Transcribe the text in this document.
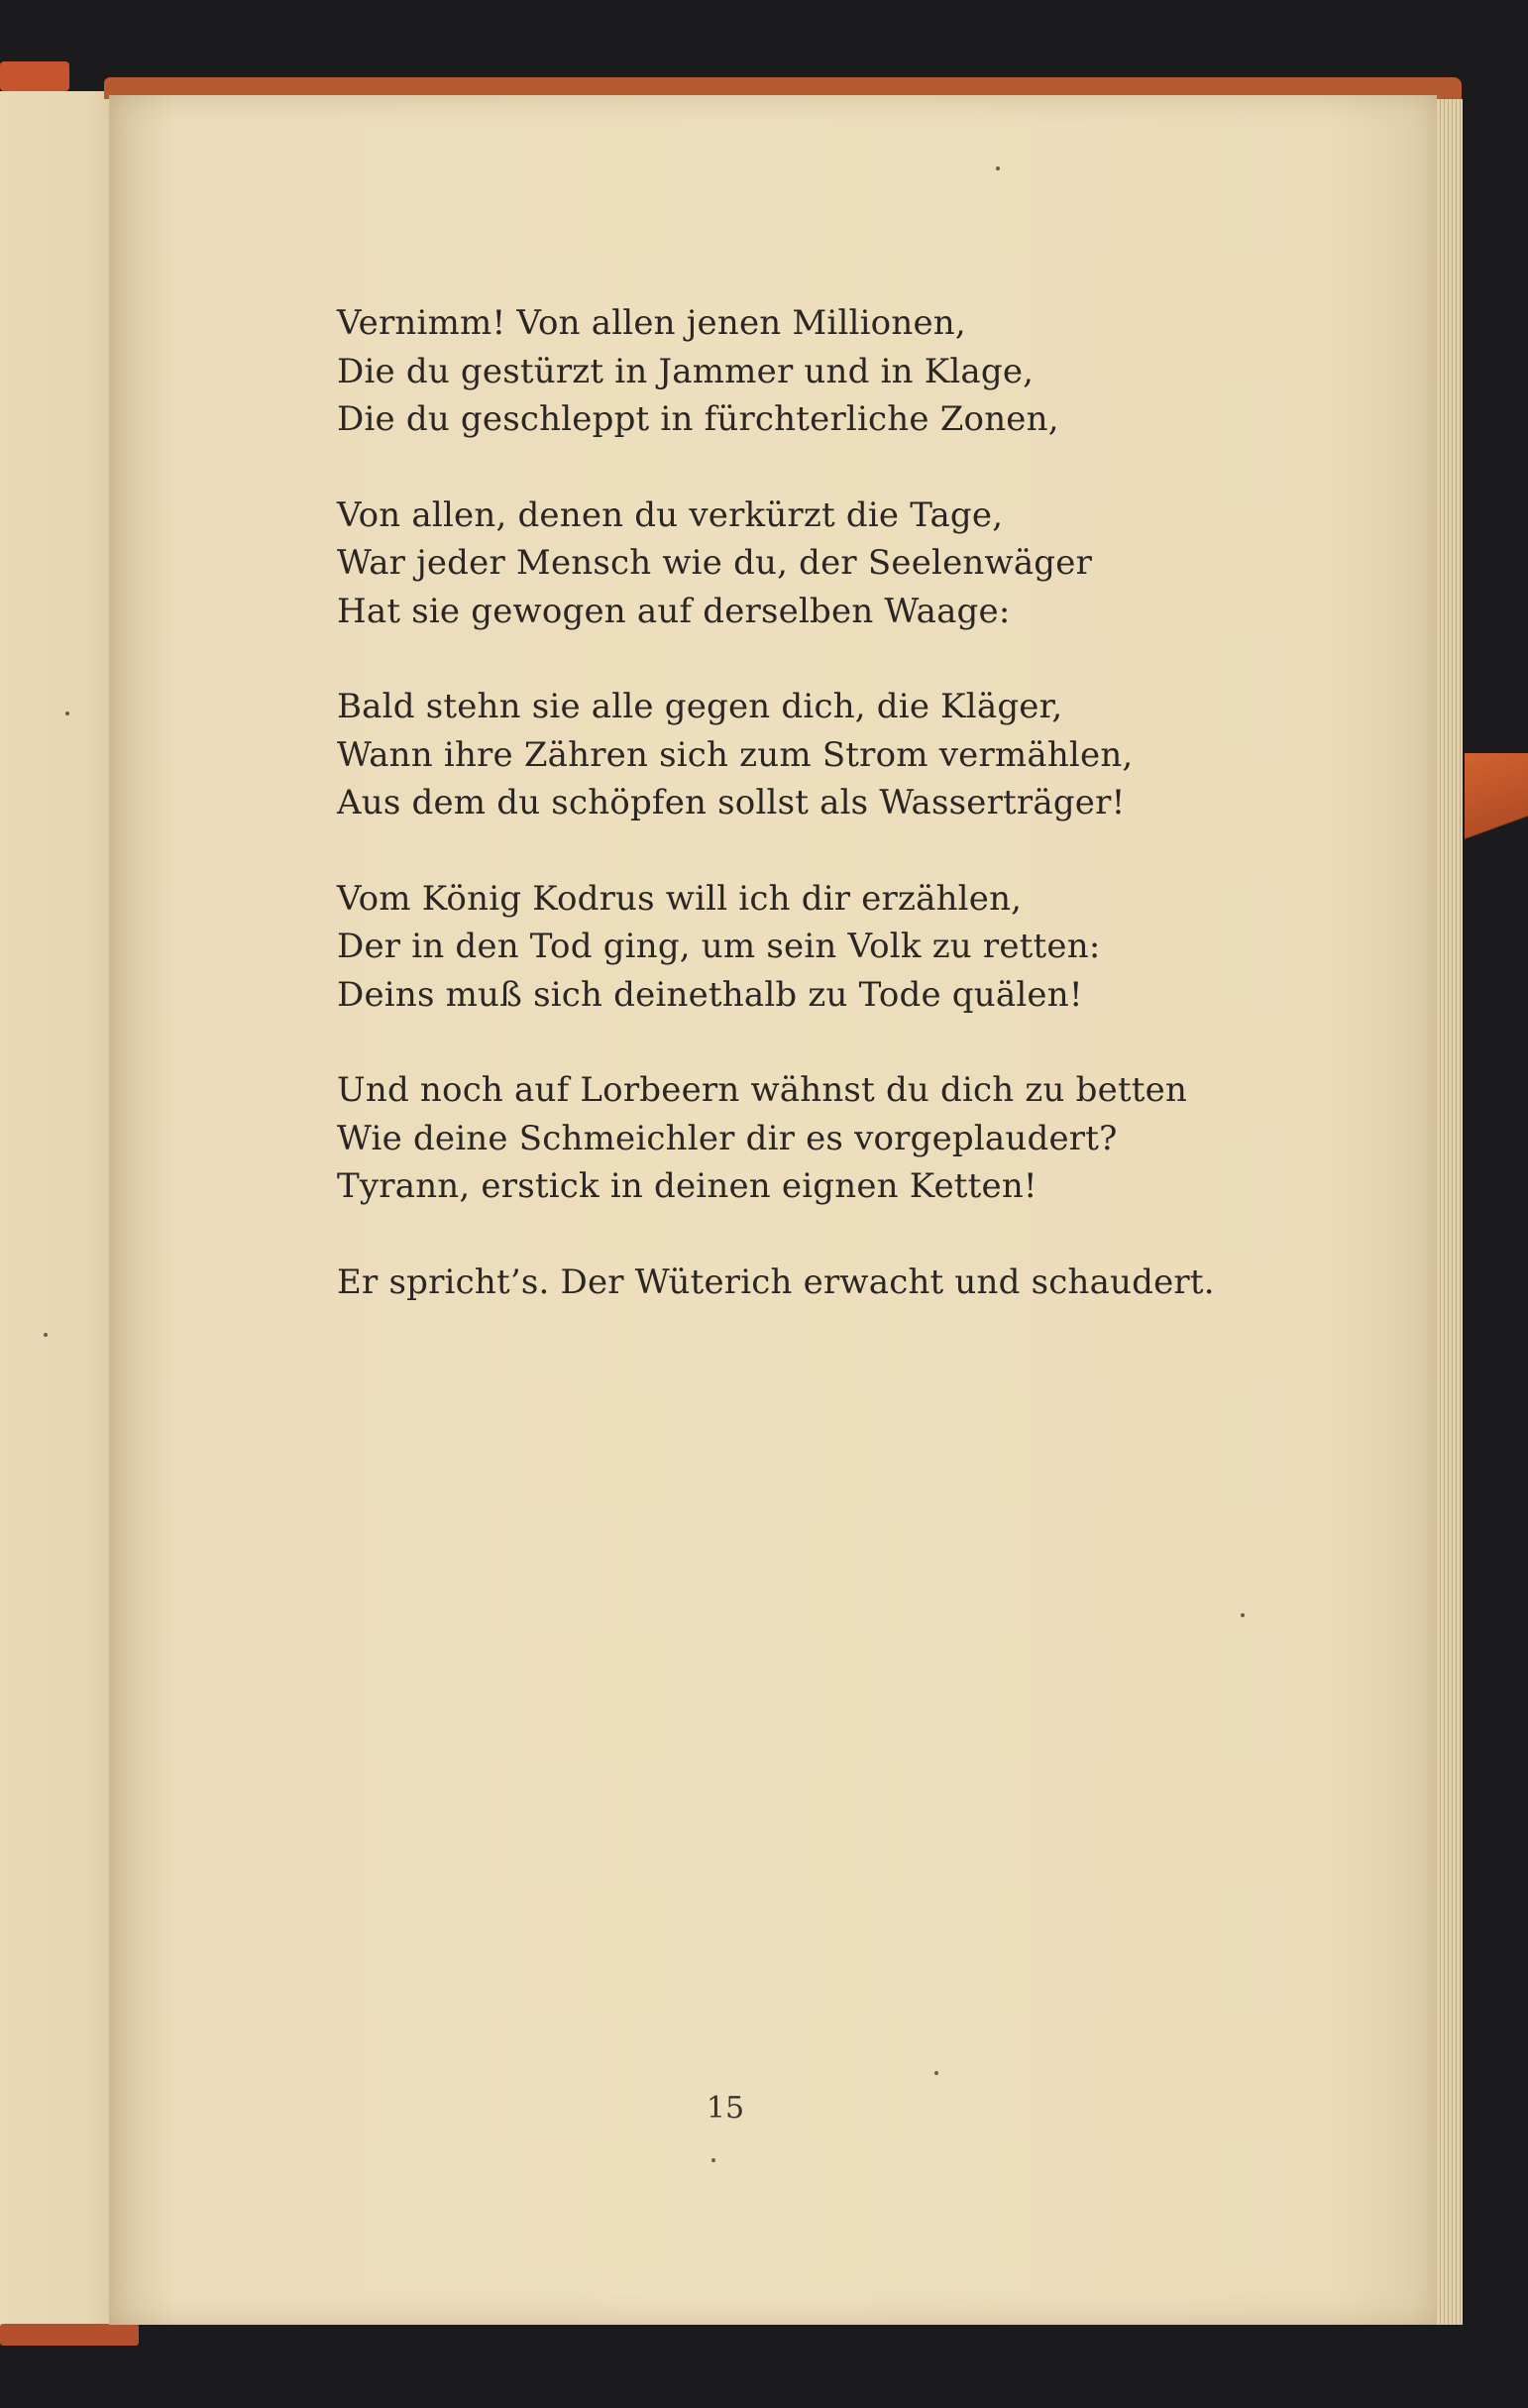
Vernimm! Von allen jenen Millionen,
Die du gestürzt in Jammer und in Klage,
Die du geschleppt in fürchterliche Zonen,
Von allen, denen du verkürzt die Tage,
War jeder Mensch wie du, der Seelenwäger
Hat sie gewogen auf derselben Waage:
Bald stehn sie alle gegen dich, die Kläger,
Wann ihre Zähren sich zum Strom vermählen,
Aus dem du schöpfen sollst als Wasserträger!
Vom König Kodrus will ich dir erzählen,
Der in den Tod ging, um sein Volk zu retten:
Deins muß sich deinethalb zu Tode quälen!
Und noch auf Lorbeern wähnst du dich zu betten
Wie deine Schmeichler dir es vorgeplaudert?
Tyrann, erstick in deinen eignen Ketten!
Er spricht’s. Der Wüterich erwacht und schaudert.
15
